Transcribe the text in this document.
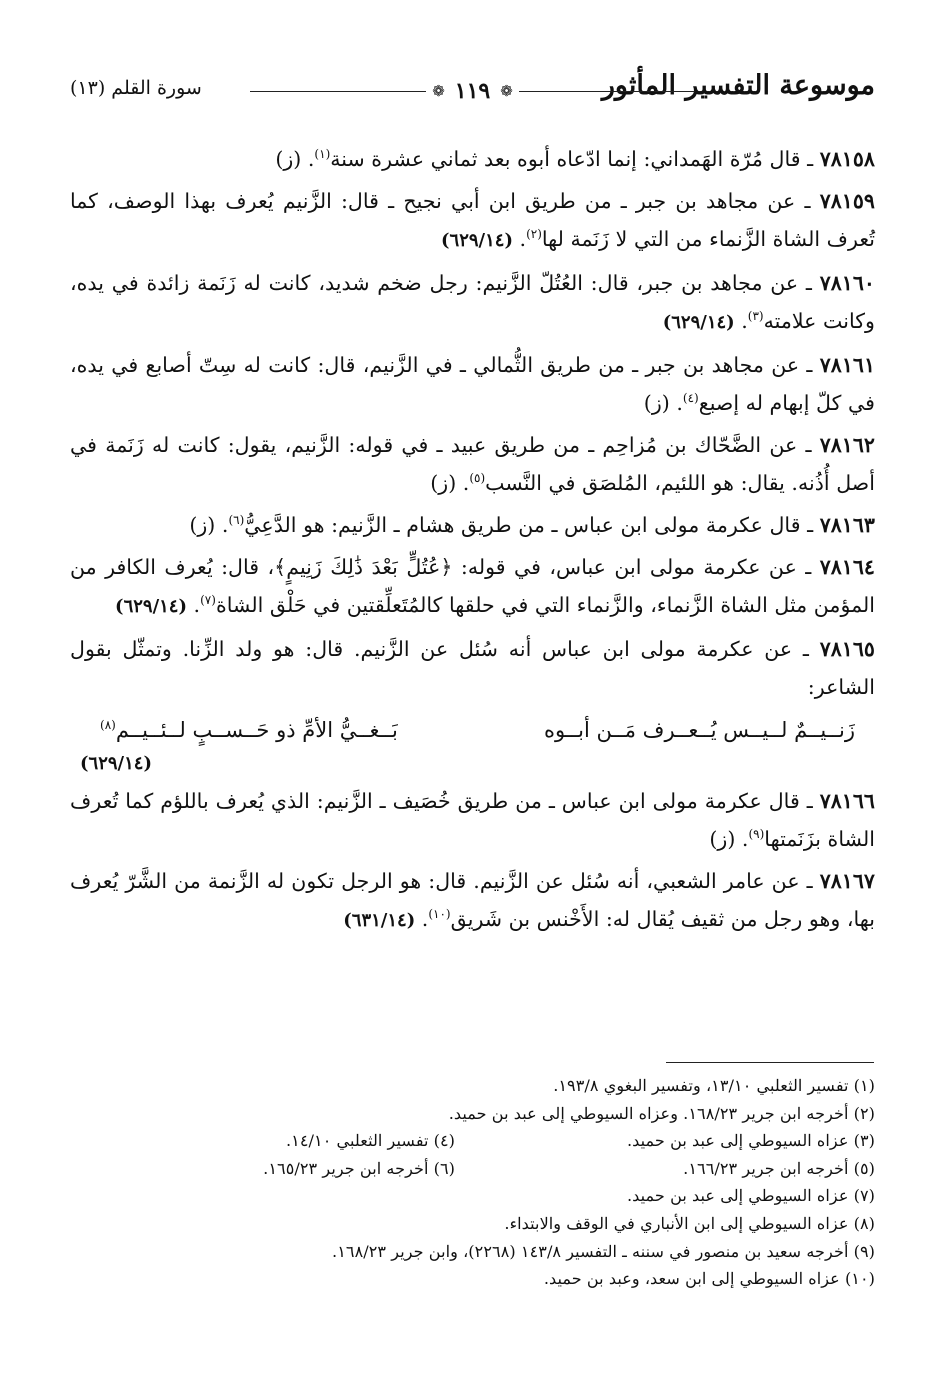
موسوعة التفسير المأثور
❁
١١٩
❁
سورة القلم (١٣)

٧٨١٥٨ ـ قال مُرّة الهَمداني: إنما ادّعاه أبوه بعد ثماني عشرة سنة$^{(١)}$. (ز)

٧٨١٥٩ ـ عن مجاهد بن جبر ـ من طريق ابن أبي نجيح ـ قال: الزَّنيم يُعرف بهذا الوصف، كما تُعرف الشاة الزَّنماء من التي لا زَنَمة لها$^{(٢)}$. (٦٢٩/١٤)

٧٨١٦٠ ـ عن مجاهد بن جبر، قال: العُتُلّ الزَّنيم: رجل ضخم شديد، كانت له زَنَمة زائدة في يده، وكانت علامته$^{(٣)}$. (٦٢٩/١٤)

٧٨١٦١ ـ عن مجاهد بن جبر ـ من طريق الثُّمالي ـ في الزَّنيم، قال: كانت له سِتّ أصابع في يده، في كلّ إبهام له إصبع$^{(٤)}$. (ز)

٧٨١٦٢ ـ عن الضَّحّاك بن مُزاحِم ـ من طريق عبيد ـ في قوله: الزَّنيم، يقول: كانت له زَنَمة في أصل أُذُنه. يقال: هو اللئيم، المُلصَق في النَّسب$^{(٥)}$. (ز)

٧٨١٦٣ ـ قال عكرمة مولى ابن عباس ـ من طريق هشام ـ الزَّنيم: هو الدَّعِيُّ$^{(٦)}$. (ز)

٧٨١٦٤ ـ عن عكرمة مولى ابن عباس، في قوله: ﴿عُتُلٍّ بَعْدَ ذَٰلِكَ زَنِيمٍ﴾، قال: يُعرف الكافر من المؤمن مثل الشاة الزَّنماء، والزَّنماء التي في حلقها كالمُتَعلِّقتين في حَلْق الشاة$^{(٧)}$. (٦٢٩/١٤)

٧٨١٦٥ ـ عن عكرمة مولى ابن عباس أنه سُئل عن الزَّنيم. قال: هو ولد الزِّنا. وتمثّل بقول الشاعر:

زَنــيــمٌ لــيــس يُــعــرف مَــن أبــوه
بَــغــيُّ الأمِّ ذو حَــســبٍ لــئــيــم$^{(٨)}$
(٦٢٩/١٤)

٧٨١٦٦ ـ قال عكرمة مولى ابن عباس ـ من طريق خُصَيف ـ الزَّنيم: الذي يُعرف باللؤم كما تُعرف الشاة بزَنَمتها$^{(٩)}$. (ز)

٧٨١٦٧ ـ عن عامر الشعبي، أنه سُئل عن الزَّنيم. قال: هو الرجل تكون له الزَّنمة من الشَّرّ يُعرف بها، وهو رجل من ثقيف يُقال له: الأَخْنس بن شَريق$^{(١٠)}$. (٦٣١/١٤)

(١) تفسير الثعلبي ١٣/١٠، وتفسير البغوي ١٩٣/٨.
(٢) أخرجه ابن جرير ١٦٨/٢٣. وعزاه السيوطي إلى عبد بن حميد.
(٣) عزاه السيوطي إلى عبد بن حميد.
(٤) تفسير الثعلبي ١٤/١٠.
(٥) أخرجه ابن جرير ١٦٦/٢٣.
(٦) أخرجه ابن جرير ١٦٥/٢٣.
(٧) عزاه السيوطي إلى عبد بن حميد.
(٨) عزاه السيوطي إلى ابن الأنباري في الوقف والابتداء.
(٩) أخرجه سعيد بن منصور في سننه ـ التفسير ١٤٣/٨ (٢٢٦٨)، وابن جرير ١٦٨/٢٣.
(١٠) عزاه السيوطي إلى ابن سعد، وعبد بن حميد.
